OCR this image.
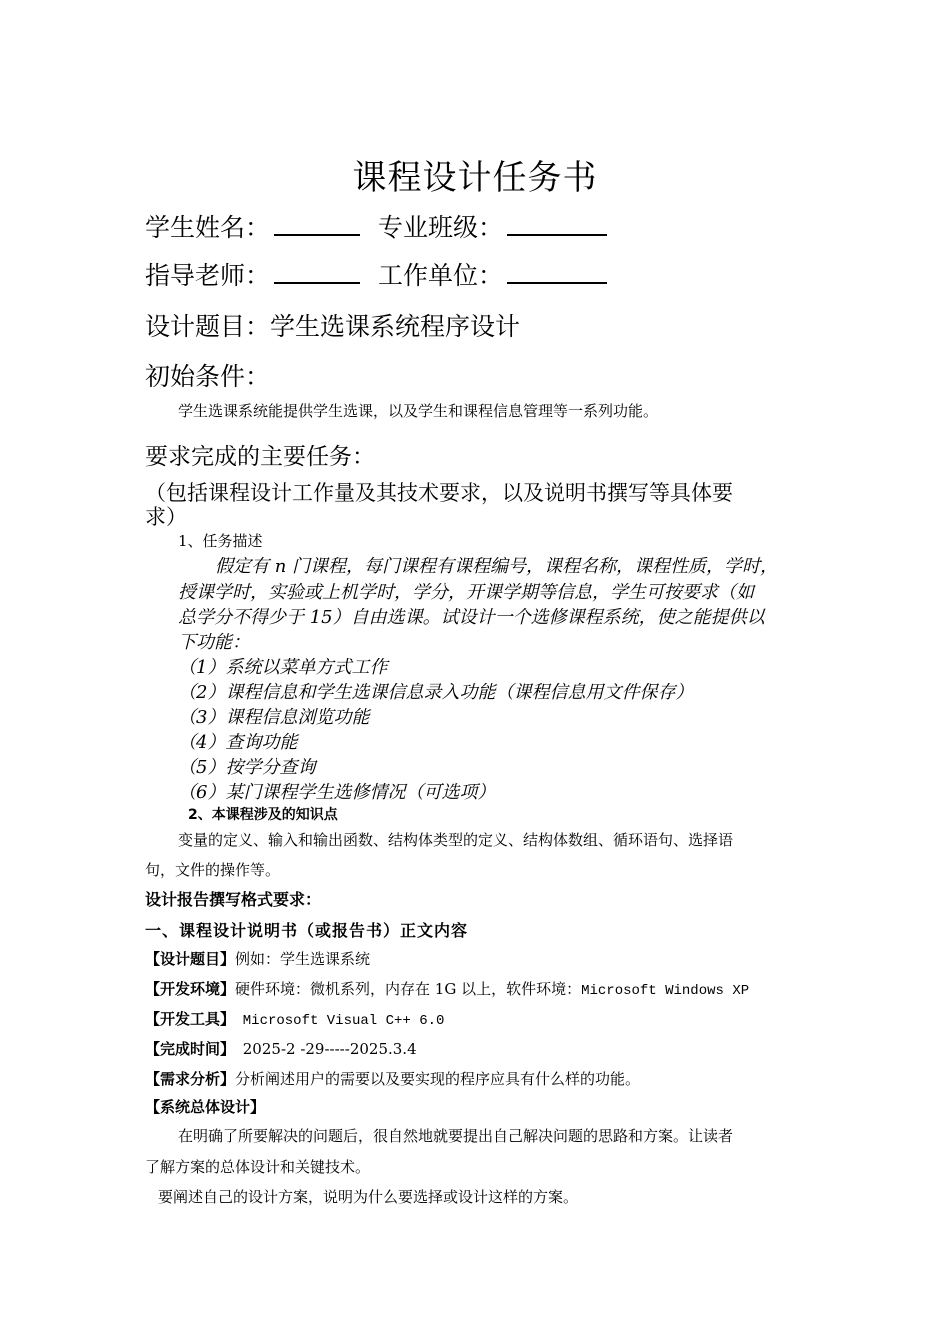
课程设计任务书
学生姓名：	专业班级：
指导老师：	工作单位：
设计题目：学生选课系统程序设计
初始条件：
学生选课系统能提供学生选课，以及学生和课程信息管理等一系列功能。
要求完成的主要任务：
（包括课程设计工作量及其技术要求，以及说明书撰写等具体要
求）
1、任务描述
假定有 n 门课程，每门课程有课程编号，课程名称，课程性质，学时，
授课学时，实验或上机学时，学分，开课学期等信息，学生可按要求（如
总学分不得少于 15）自由选课。试设计一个选修课程系统，使之能提供以
下功能：
（1）系统以菜单方式工作
（2）课程信息和学生选课信息录入功能（课程信息用文件保存）
（3）课程信息浏览功能
（4）查询功能
（5）按学分查询
（6）某门课程学生选修情况（可选项）
2、本课程涉及的知识点
变量的定义、输入和输出函数、结构体类型的定义、结构体数组、循环语句、选择语
句，文件的操作等。
设计报告撰写格式要求：
一、课程设计说明书（或报告书）正文内容
【设计题目】例如：学生选课系统
【开发环境】硬件环境：微机系列，内存在 1G 以上，软件环境：Microsoft Windows XP
【开发工具】 Microsoft Visual C++ 6.0
【完成时间】 2025-2 -29-----2025.3.4
【需求分析】分析阐述用户的需要以及要实现的程序应具有什么样的功能。
【系统总体设计】
在明确了所要解决的问题后，很自然地就要提出自己解决问题的思路和方案。让读者
了解方案的总体设计和关键技术。
要阐述自己的设计方案，说明为什么要选择或设计这样的方案。
